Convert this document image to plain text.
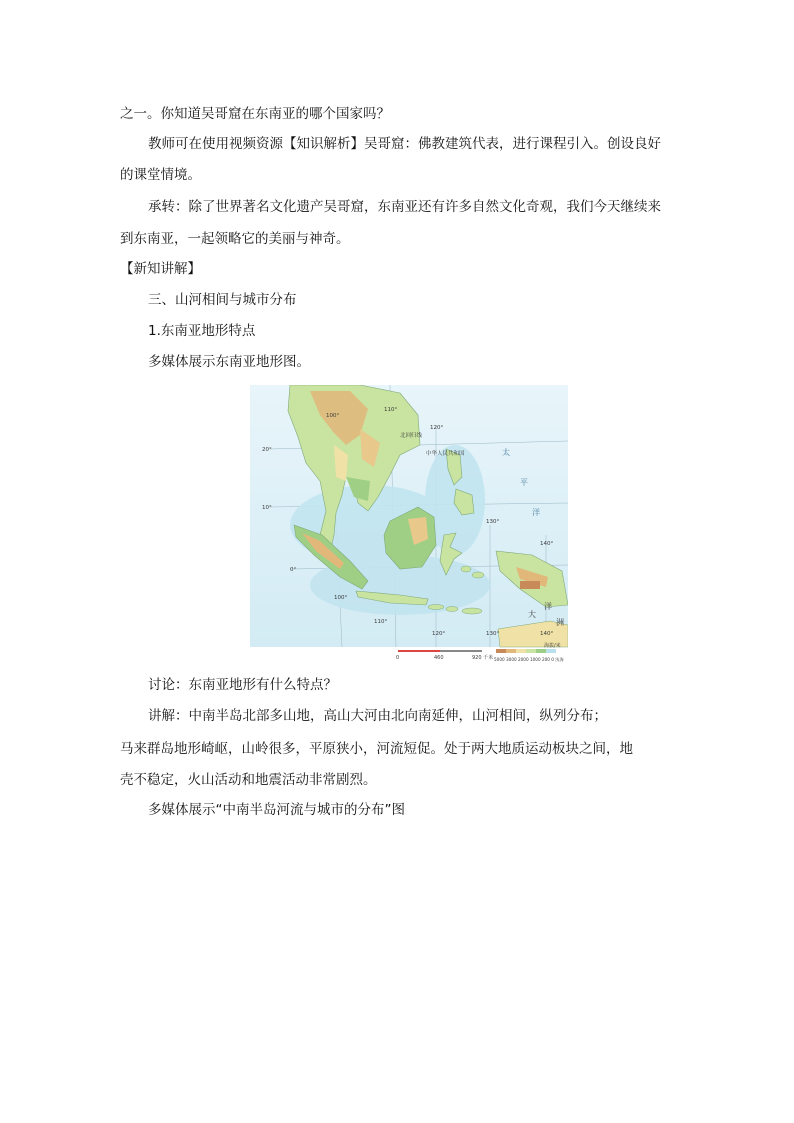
之一。你知道吴哥窟在东南亚的哪个国家吗？
教师可在使用视频资源【知识解析】吴哥窟：佛教建筑代表，进行课程引入。创设良好
的课堂情境。
承转：除了世界著名文化遗产吴哥窟，东南亚还有许多自然文化奇观，我们今天继续来
到东南亚，一起领略它的美丽与神奇。
【新知讲解】
三、山河相间与城市分布
1.东南亚地形特点
多媒体展示东南亚地形图。
100°
110°
120°
130°
140°
100°
110°
120°	130°	140°
20°
10°
0°
北回归线
中华人民共和国	太
平
洋
大
洋
洲
0	460	920 千米
海拔/米
5000 3000 2000 1000 200 0 浅海
讨论：东南亚地形有什么特点？
讲解：中南半岛北部多山地，高山大河由北向南延伸，山河相间，纵列分布；
马来群岛地形崎岖，山岭很多，平原狭小，河流短促。处于两大地质运动板块之间，地
壳不稳定，火山活动和地震活动非常剧烈。
多媒体展示“中南半岛河流与城市的分布”图
